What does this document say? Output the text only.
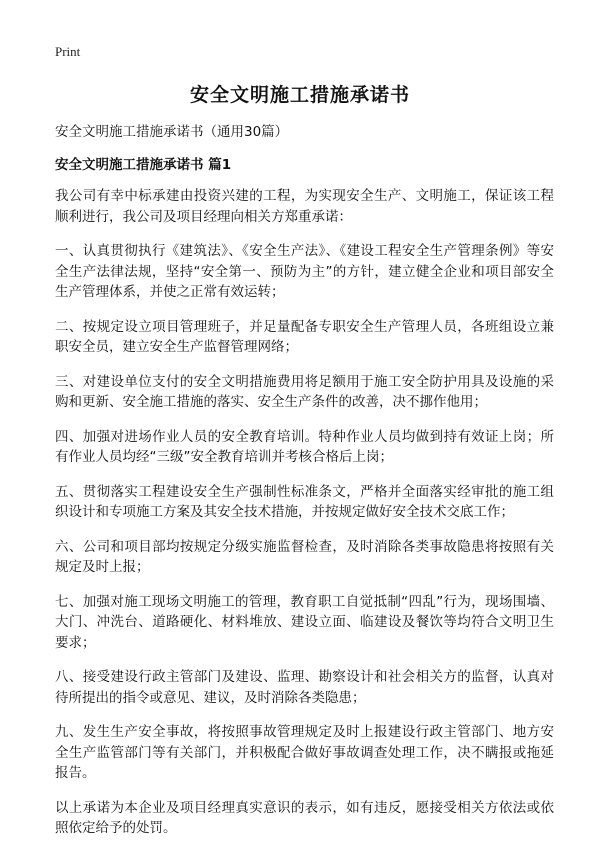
Print
安全文明施工措施承诺书

安全文明施工措施承诺书（通用30篇）

安全文明施工措施承诺书 篇1

我公司有幸中标承建由投资兴建的工程，为实现安全生产、文明施工，保证该工程顺利进行，我公司及项目经理向相关方郑重承诺：

一、认真贯彻执行《建筑法》、《安全生产法》、《建设工程安全生产管理条例》等安全生产法律法规，坚持“安全第一、预防为主”的方针，建立健全企业和项目部安全生产管理体系，并使之正常有效运转；

二、按规定设立项目管理班子，并足量配备专职安全生产管理人员，各班组设立兼职安全员，建立安全生产监督管理网络；

三、对建设单位支付的安全文明措施费用将足额用于施工安全防护用具及设施的采购和更新、安全施工措施的落实、安全生产条件的改善，决不挪作他用；

四、加强对进场作业人员的安全教育培训。特种作业人员均做到持有效证上岗；所有作业人员均经“三级”安全教育培训并考核合格后上岗；

五、贯彻落实工程建设安全生产强制性标准条文，严格并全面落实经审批的施工组织设计和专项施工方案及其安全技术措施，并按规定做好安全技术交底工作；

六、公司和项目部均按规定分级实施监督检查，及时消除各类事故隐患将按照有关规定及时上报；

七、加强对施工现场文明施工的管理，教育职工自觉抵制“四乱”行为，现场围墙、大门、冲洗台、道路硬化、材料堆放、建设立面、临建设及餐饮等均符合文明卫生要求；

八、接受建设行政主管部门及建设、监理、勘察设计和社会相关方的监督，认真对待所提出的指令或意见、建议，及时消除各类隐患；

九、发生生产安全事故，将按照事故管理规定及时上报建设行政主管部门、地方安全生产监管部门等有关部门，并积极配合做好事故调查处理工作，决不瞒报或拖延报告。

以上承诺为本企业及项目经理真实意识的表示，如有违反，愿接受相关方依法或依照依定给予的处罚。
